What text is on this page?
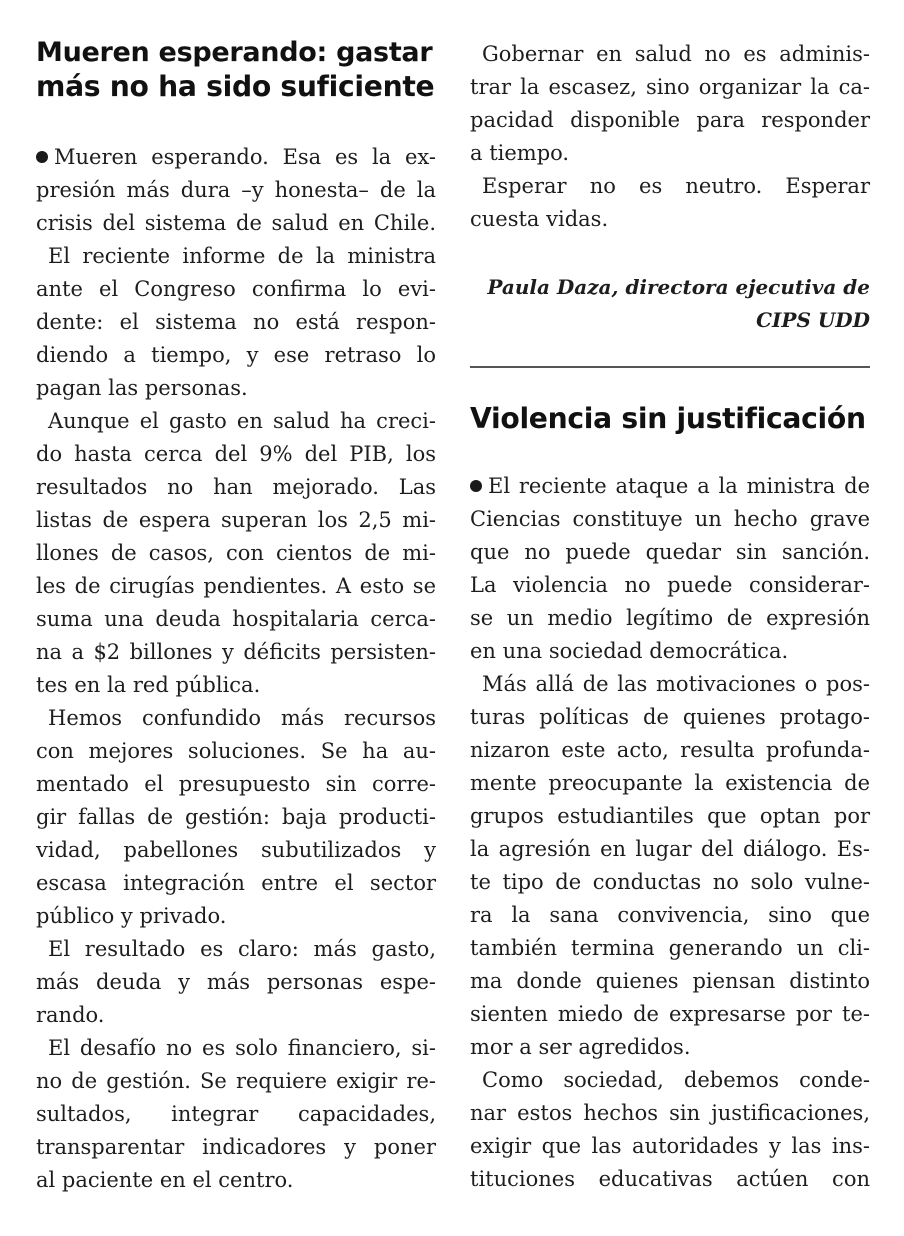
Mueren esperando: gastar
más no ha sido suficiente
Mueren esperando. Esa es la ex-
presión más dura –y honesta– de la
crisis del sistema de salud en Chile.
El reciente informe de la ministra
ante el Congreso confirma lo evi-
dente: el sistema no está respon-
diendo a tiempo, y ese retraso lo
pagan las personas.
Aunque el gasto en salud ha creci-
do hasta cerca del 9% del PIB, los
resultados no han mejorado. Las
listas de espera superan los 2,5 mi-
llones de casos, con cientos de mi-
les de cirugías pendientes. A esto se
suma una deuda hospitalaria cerca-
na a $2 billones y déficits persisten-
tes en la red pública.
Hemos confundido más recursos
con mejores soluciones. Se ha au-
mentado el presupuesto sin corre-
gir fallas de gestión: baja producti-
vidad, pabellones subutilizados y
escasa integración entre el sector
público y privado.
El resultado es claro: más gasto,
más deuda y más personas espe-
rando.
El desafío no es solo financiero, si-
no de gestión. Se requiere exigir re-
sultados, integrar capacidades,
transparentar indicadores y poner
al paciente en el centro.
Gobernar en salud no es adminis-
trar la escasez, sino organizar la ca-
pacidad disponible para responder
a tiempo.
Esperar no es neutro. Esperar
cuesta vidas.
Paula Daza, directora ejecutiva de
CIPS UDD
Violencia sin justificación
El reciente ataque a la ministra de
Ciencias constituye un hecho grave
que no puede quedar sin sanción.
La violencia no puede considerar-
se un medio legítimo de expresión
en una sociedad democrática.
Más allá de las motivaciones o pos-
turas políticas de quienes protago-
nizaron este acto, resulta profunda-
mente preocupante la existencia de
grupos estudiantiles que optan por
la agresión en lugar del diálogo. Es-
te tipo de conductas no solo vulne-
ra la sana convivencia, sino que
también termina generando un cli-
ma donde quienes piensan distinto
sienten miedo de expresarse por te-
mor a ser agredidos.
Como sociedad, debemos conde-
nar estos hechos sin justificaciones,
exigir que las autoridades y las ins-
tituciones educativas actúen con
